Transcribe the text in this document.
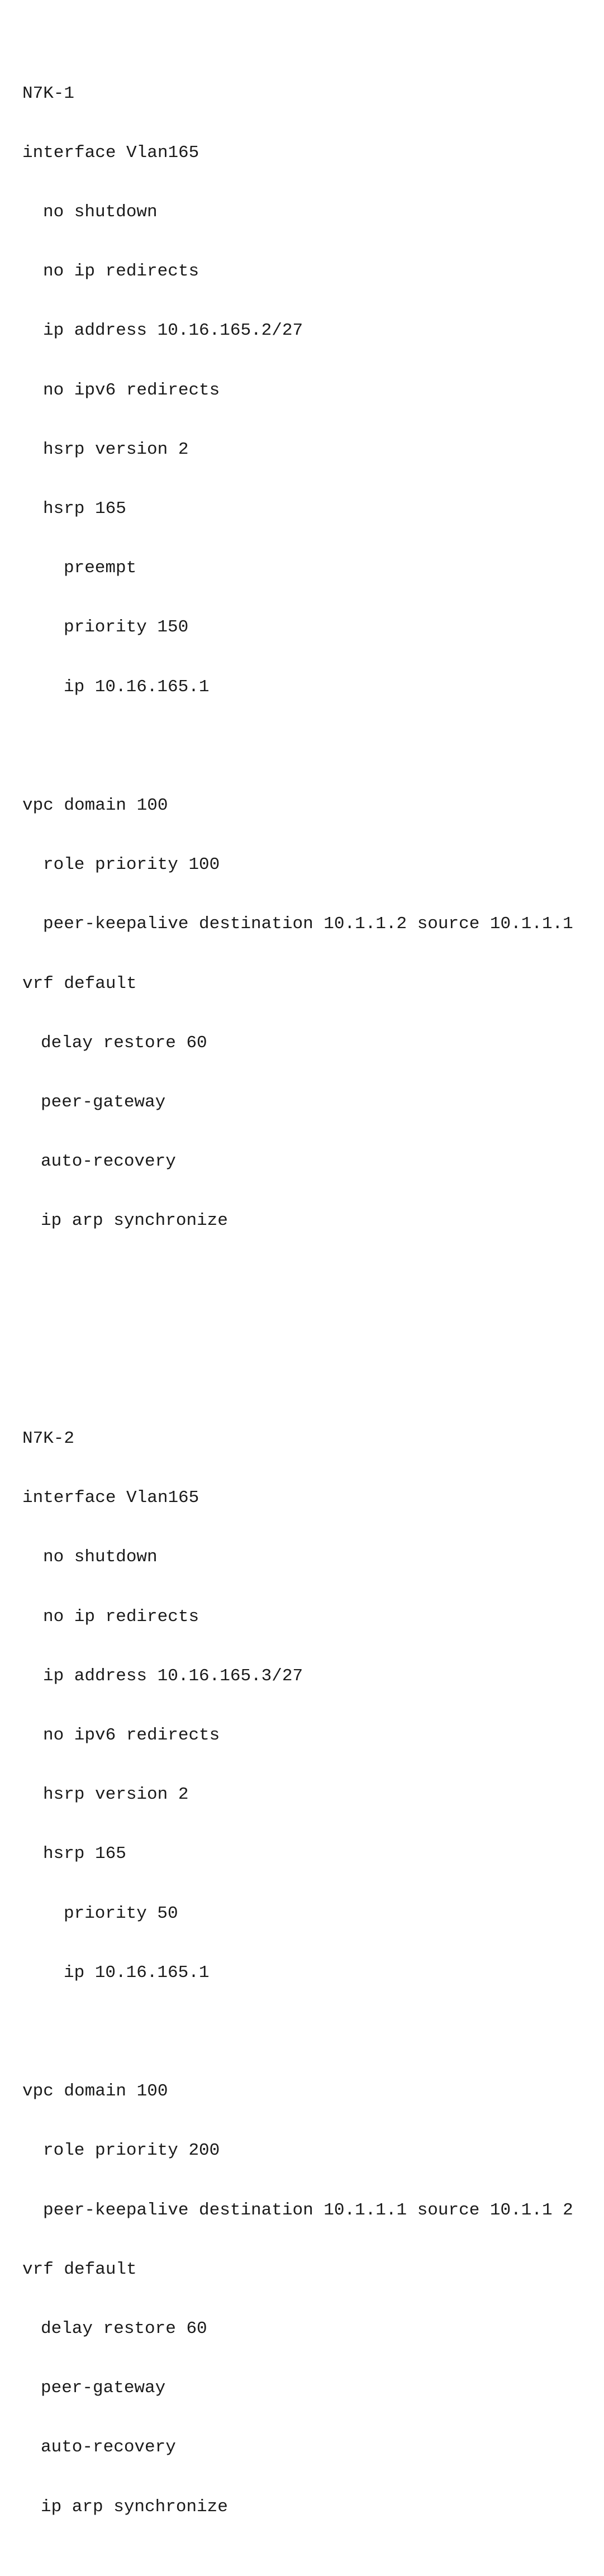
N7K-1

interface Vlan165

no shutdown

no ip redirects

ip address 10.16.165.2/27

no ipv6 redirects

hsrp version 2

hsrp 165

preempt

priority 150

ip 10.16.165.1

vpc domain 100

role priority 100

peer-keepalive destination 10.1.1.2 source 10.1.1.1

vrf default

delay restore 60

peer-gateway

auto-recovery

ip arp synchronize

N7K-2

interface Vlan165

no shutdown

no ip redirects

ip address 10.16.165.3/27

no ipv6 redirects

hsrp version 2

hsrp 165

priority 50

ip 10.16.165.1

vpc domain 100

role priority 200

peer-keepalive destination 10.1.1.1 source 10.1.1 2

vrf default

delay restore 60

peer-gateway

auto-recovery

ip arp synchronize
